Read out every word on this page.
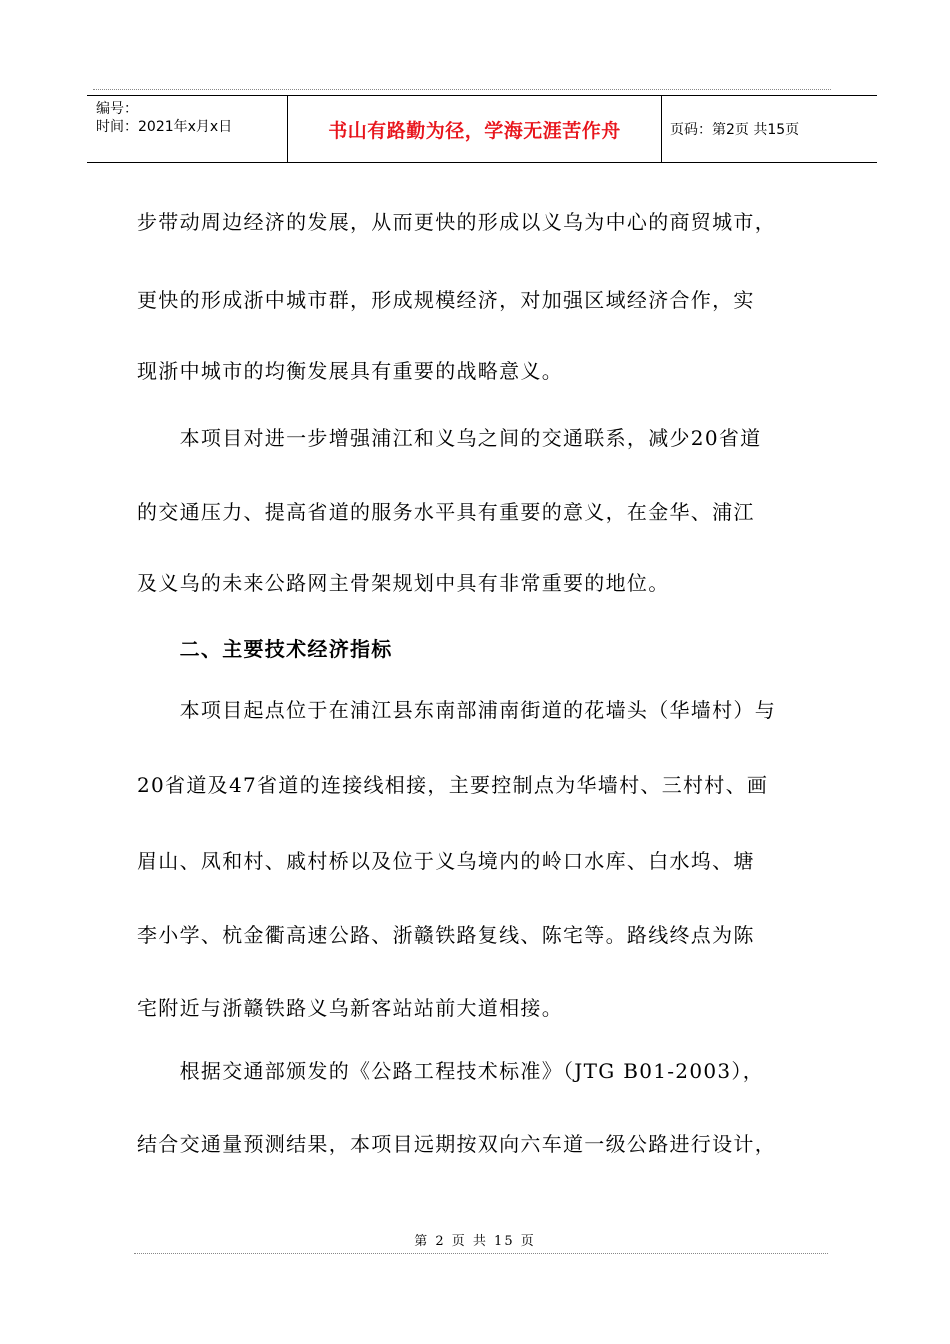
编号：
时间：2021年x月x日	书山有路勤为径，学海无涯苦作舟	页码：第2页 共15页
步带动周边经济的发展，从而更快的形成以义乌为中心的商贸城市，
更快的形成浙中城市群，形成规模经济，对加强区域经济合作，实
现浙中城市的均衡发展具有重要的战略意义。
　　本项目对进一步增强浦江和义乌之间的交通联系，减少20省道
的交通压力、提高省道的服务水平具有重要的意义，在金华、浦江
及义乌的未来公路网主骨架规划中具有非常重要的地位。
　　二、主要技术经济指标
　　本项目起点位于在浦江县东南部浦南街道的花墙头（华墙村）与
20省道及47省道的连接线相接，主要控制点为华墙村、三村村、画
眉山、凤和村、戚村桥以及位于义乌境内的岭口水库、白水坞、塘
李小学、杭金衢高速公路、浙赣铁路复线、陈宅等。路线终点为陈
宅附近与浙赣铁路义乌新客站站前大道相接。
　　根据交通部颁发的《公路工程技术标准》（JTG B01-2003），
结合交通量预测结果，本项目远期按双向六车道一级公路进行设计，
第 2 页 共 15 页
